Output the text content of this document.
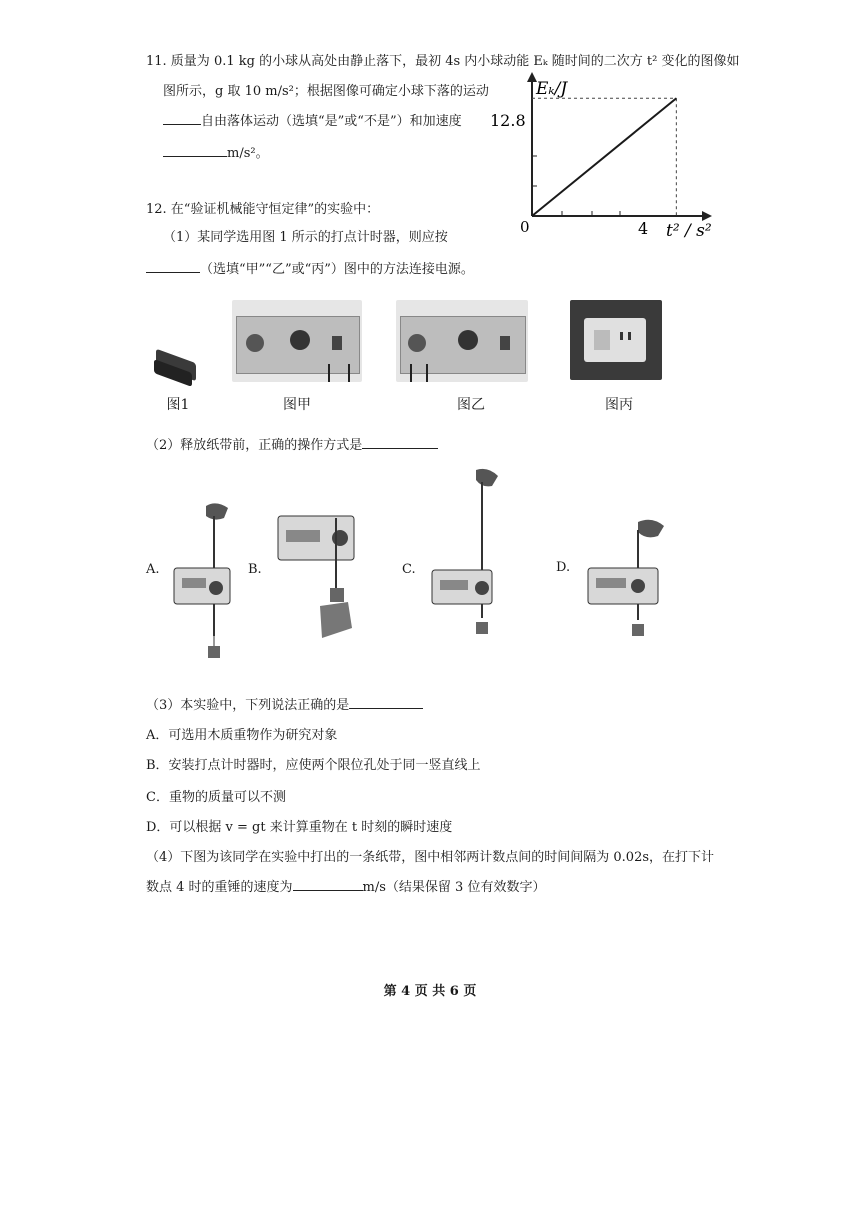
11. 质量为 0.1 kg 的小球从高处由静止落下，最初 4s 内小球动能 Eₖ 随时间的二次方 t² 变化的图像如
图所示，g 取 10 m/s²；根据图像可确定小球下落的运动
自由落体运动（选填“是”或“不是”）和加速度
m/s²。
Eₖ/J
12.8
0	4 t² / s²
12. 在“验证机械能守恒定律”的实验中：
（1）某同学选用图 1 所示的打点计时器，则应按
（选填“甲”“乙”或“丙”）图中的方法连接电源。
图1	图甲	图乙	图丙
（2）释放纸带前，正确的操作方式是
A.	B.	C.	D.
（3）本实验中，下列说法正确的是
A．可选用木质重物作为研究对象
B．安装打点计时器时，应使两个限位孔处于同一竖直线上
C．重物的质量可以不测
D．可以根据 v = gt 来计算重物在 t 时刻的瞬时速度
（4）下图为该同学在实验中打出的一条纸带，图中相邻两计数点间的时间间隔为 0.02s，在打下计
数点 4 时的重锤的速度为	m/s（结果保留 3 位有效数字）
第 4 页 共 6 页
